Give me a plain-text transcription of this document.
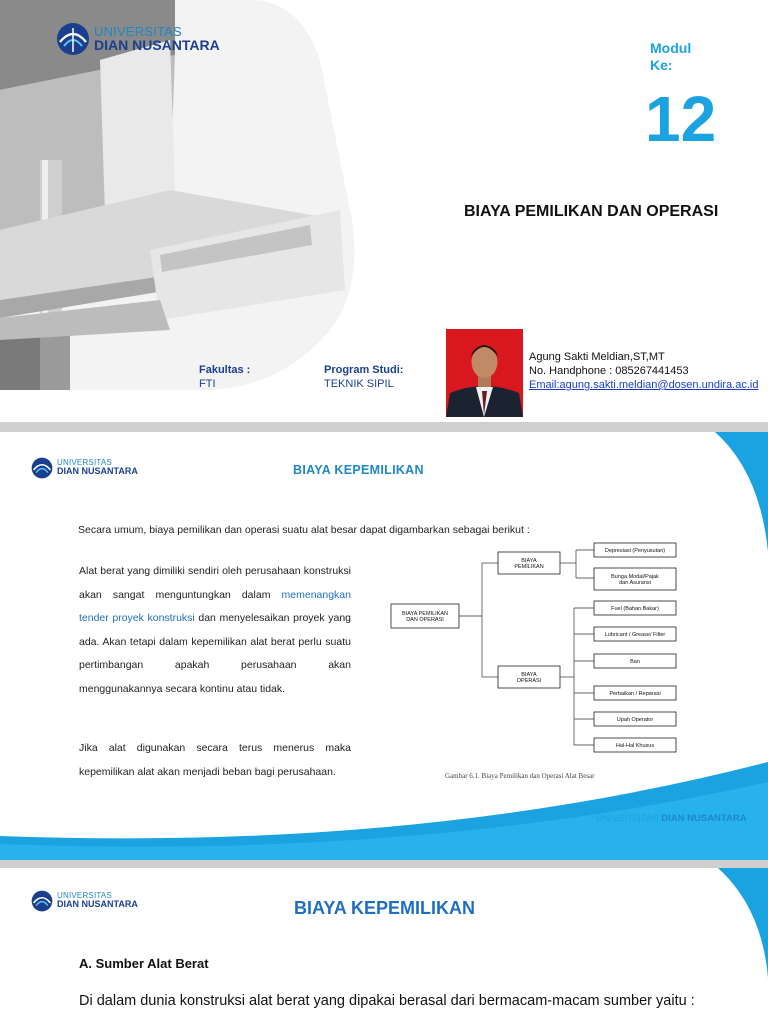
UNIVERSITAS
DIAN NUSANTARA	Modul Ke:
12
BIAYA PEMILIKAN DAN OPERASI
Fakultas :
FTI
Program Studi:
TEKNIK SIPIL
Agung Sakti Meldian,ST,MT
No. Handphone : 085267441453
Email:agung.sakti.meldian@dosen.undira.ac.id
UNIVERSITAS
DIAN NUSANTARA	BIAYA KEPEMILIKAN
Secara umum, biaya pemilikan dan operasi suatu alat besar dapat digambarkan sebagai berikut :
Alat berat yang dimiliki sendiri oleh perusahaan konstruksi akan sangat menguntungkan dalam memenangkan tender proyek konstruksi dan menyelesaikan proyek yang ada. Akan tetapi dalam kepemilikan alat berat perlu suatu pertimbangan apakah perusahaan akan menggunakannya secara kontinu atau tidak.
Jika alat digunakan secara terus menerus maka kepemilikan alat akan menjadi beban bagi perusahaan.
BIAYA PEMILIKAN DAN OPERASI
BIAYA PEMILIKAN
BIAYA OPERASI
Depresiasi (Penyusutan)
Bunga Modal/Pajak dan Asuransi
Fuel (Bahan Bakar)
Lubricant / Grease/ Filter
Ban
Perbaikan / Reparasi
Upah Operator
Hal-Hal Khusus
Gambar 6.1. Biaya Pemilikan dan Operasi Alat Besar
UNIVERSITAS DIAN NUSANTARA
UNIVERSITAS
DIAN NUSANTARA	BIAYA KEPEMILIKAN
A. Sumber Alat Berat
Di dalam dunia konstruksi alat berat yang dipakai berasal dari bermacam-macam sumber yaitu :
